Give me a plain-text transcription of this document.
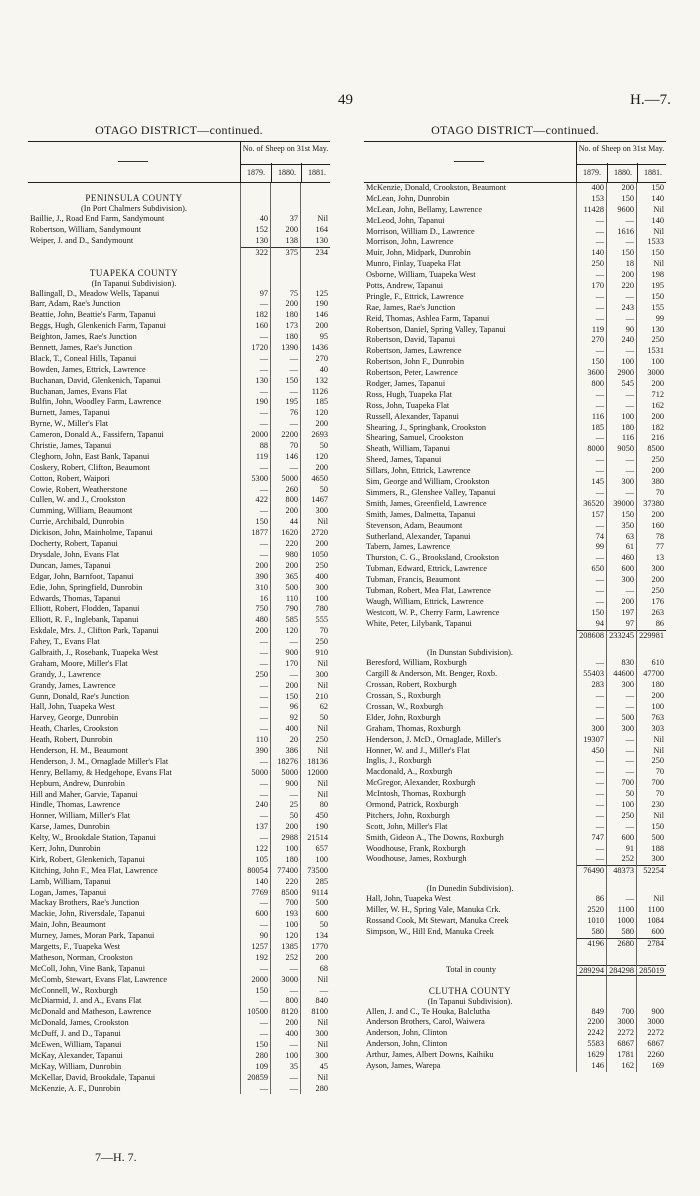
49	H.—7.
OTAGO DISTRICT—continued.
No. of Sheep on 31st May.
1879.	1880.	1881.
PENINSULA COUNTY
(In Port Chalmers Subdivision).
Baillie, J., Road End Farm, Sandymount	40	37	Nil
Robertson, William, Sandymount	152	200	164
Weiper, J. and D., Sandymount	130	138	130
322	375	234
TUAPEKA COUNTY
(In Tapanui Subdivision).
Ballingall, D., Meadow Wells, Tapanui	97	75	125
Barr, Adam, Rae's Junction	—	200	190
Beattie, John, Beattie's Farm, Tapanui	182	180	146
Beggs, Hugh, Glenkenich Farm, Tapanui	160	173	200
Beighton, James, Rae's Junction	—	180	95
Bennett, James, Rae's Junction	1720	1390	1436
Black, T., Coneal Hills, Tapanui	—	—	270
Bowden, James, Ettrick, Lawrence	—	—	40
Buchanan, David, Glenkenich, Tapanui	130	150	132
Buchanan, James, Evans Flat	—	—	1126
Bulfin, John, Woodley Farm, Lawrence	190	195	185
Burnett, James, Tapanui	—	76	120
Byrne, W., Miller's Flat	—	—	200
Cameron, Donald A., Fassifern, Tapanui	2000	2200	2693
Christie, James, Tapanui	88	70	50
Cleghorn, John, East Bank, Tapanui	119	146	120
Coskery, Robert, Clifton, Beaumont	—	—	200
Cotton, Robert, Waipori	5300	5000	4650
Cowie, Robert, Weatherstone	—	260	50
Cullen, W. and J., Crookston	422	800	1467
Cumming, William, Beaumont	—	200	300
Currie, Archibald, Dunrobin	150	44	Nil
Dickison, John, Mainholme, Tapanui	1877	1620	2720
Docherty, Robert, Tapanui	—	220	200
Drysdale, John, Evans Flat	—	980	1050
Duncan, James, Tapanui	200	200	250
Edgar, John, Barnfoot, Tapanui	390	365	400
Edie, John, Springfield, Dunrobin	310	500	300
Edwards, Thomas, Tapanui	16	110	100
Elliott, Robert, Flodden, Tapanui	750	790	780
Elliott, R. F., Inglebank, Tapanui	480	585	555
Eskdale, Mrs. J., Clifton Park, Tapanui	200	120	70
Fahey, T., Evans Flat	—	—	250
Galbraith, J., Rosebank, Tuapeka West	—	900	910
Graham, Moore, Miller's Flat	—	170	Nil
Grandy, J., Lawrence	250	—	300
Grandy, James, Lawrence	—	200	Nil
Gunn, Donald, Rae's Junction	—	150	210
Hall, John, Tuapeka West	—	96	62
Harvey, George, Dunrobin	—	92	50
Heath, Charles, Crookston	—	400	Nil
Heath, Robert, Dunrobin	110	20	250
Henderson, H. M., Beaumont	390	386	Nil
Henderson, J. M., Ornaglade Miller's Flat	—	18276	18136
Henry, Bellamy, & Hedgehope, Evans Flat	5000	5000	12000
Hepburn, Andrew, Dunrobin	—	900	Nil
Hill and Maher, Garvie, Tapanui	—	—	Nil
Hindle, Thomas, Lawrence	240	25	80
Honner, William, Miller's Flat	—	50	450
Karse, James, Dunrobin	137	200	190
Kelty, W., Brookdale Station, Tapanui	—	2988	21514
Kerr, John, Dunrobin	122	100	657
Kirk, Robert, Glenkenich, Tapanui	105	180	100
Kitching, John F., Mea Flat, Lawrence	80054	77400	73500
Lamb, William, Tapanui	140	220	285
Logan, James, Tapanui	7769	8500	9114
Mackay Brothers, Rae's Junction	—	700	500
Mackie, John, Riversdale, Tapanui	600	193	600
Main, John, Beaumont	—	100	50
Murney, James, Moran Park, Tapanui	90	120	134
Margetts, F., Tuapeka West	1257	1385	1770
Matheson, Norman, Crookston	192	252	200
McColl, John, Vine Bank, Tapanui	—	—	68
McComb, Stewart, Evans Flat, Lawrence	2000	3000	Nil
McConnell, W., Roxburgh	150	—	—
McDiarmid, J. and A., Evans Flat	—	800	840
McDonald and Matheson, Lawrence	10500	8120	8100
McDonald, James, Crookston	—	200	Nil
McDuff, J. and D., Tapanui	—	400	300
McEwen, William, Tapanui	150	—	Nil
McKay, Alexander, Tapanui	280	100	300
McKay, William, Dunrobin	109	35	45
McKellar, David, Brookdale, Tapanui	20859	—	Nil
McKenzie, A. F., Dunrobin	—	—	280
OTAGO DISTRICT—continued.
No. of Sheep on 31st May.
1879.	1880.	1881.
McKenzie, Donald, Crookston, Beaumont	400	200	150
McLean, John, Dunrobin	153	150	140
McLean, John, Bellamy, Lawrence	11428	9600	Nil
McLeod, John, Tapanui	—	—	140
Morrison, William D., Lawrence	—	1616	Nil
Morrison, John, Lawrence	—	—	1533
Muir, John, Midpark, Dunrobin	140	150	150
Munro, Finlay, Tuapeka Flat	250	18	Nil
Osborne, William, Tuapeka West	—	200	198
Potts, Andrew, Tapanui	170	220	195
Pringle, F., Ettrick, Lawrence	—	—	150
Rae, James, Rae's Junction	—	243	155
Reid, Thomas, Ashlea Farm, Tapanui	—	—	99
Robertson, Daniel, Spring Valley, Tapanui	119	90	130
Robertson, David, Tapanui	270	240	250
Robertson, James, Lawrence	—	—	1531
Robertson, John F., Dunrobin	150	100	100
Robertson, Peter, Lawrence	3600	2900	3000
Rodger, James, Tapanui	800	545	200
Ross, Hugh, Tuapeka Flat	—	—	712
Ross, John, Tuapeka Flat	—	—	162
Russell, Alexander, Tapanui	116	100	200
Shearing, J., Springbank, Crookston	185	180	182
Shearing, Samuel, Crookston	—	116	216
Sheath, William, Tapanui	8000	9050	8500
Sheed, James, Tapanui	—	—	250
Sillars, John, Ettrick, Lawrence	—	—	200
Sim, George and William, Crookston	145	300	380
Simmers, R., Glenshee Valley, Tapanui	—	—	70
Smith, James, Greenfield, Lawrence	36520	39000	37380
Smith, James, Dalmetta, Tapanui	157	150	200
Stevenson, Adam, Beaumont	—	350	160
Sutherland, Alexander, Tapanui	74	63	78
Tabern, James, Lawrence	99	61	77
Thurston, C. G., Brooksland, Crookston	—	460	13
Tubman, Edward, Ettrick, Lawrence	650	600	300
Tubman, Francis, Beaumont	—	300	200
Tubman, Robert, Mea Flat, Lawrence	—	—	250
Waugh, William, Ettrick, Lawrence	—	200	176
Westcott, W. P., Cherry Farm, Lawrence	150	197	263
White, Peter, Lilybank, Tapanui	94	97	86
208608 233245 229981
(In Dunstan Subdivision).
Beresford, William, Roxburgh	—	830	610
Cargill & Anderson, Mt. Benger, Roxb.	55403	44600	47700
Crossan, Robert, Roxburgh	283	300	180
Crossan, S., Roxburgh	—	—	200
Crossan, W., Roxburgh	—	—	100
Elder, John, Roxburgh	—	500	763
Graham, Thomas, Roxburgh	300	300	303
Henderson, J. McD., Ornaglade, Miller's	19307	—	Nil
Honner, W. and J., Miller's Flat	450	—	Nil
Inglis, J., Roxburgh	—	—	250
Macdonald, A., Roxburgh	—	—	70
McGregor, Alexander, Roxburgh	—	700	700
McIntosh, Thomas, Roxburgh	—	50	70
Ormond, Patrick, Roxburgh	—	100	230
Pitchers, John, Roxburgh	—	250	Nil
Scott, John, Miller's Flat	—	—	150
Smith, Gideon A., The Downs, Roxburgh	747	600	500
Woodhouse, Frank, Roxburgh	—	91	188
Woodhouse, James, Roxburgh	—	252	300
76490	48373	52254
(In Dunedin Subdivision).
Hall, John, Tuapeka West	86	—	Nil
Miller, W. H., Spring Vale, Manuka Crk.	2520	1100	1100
Rossand Cook, Mt Stewart, Manuka Creek	1010	1000	1084
Simpson, W., Hill End, Manuka Creek	580	580	600
4196	2680	2784
Total in county	289294 284298 285019
CLUTHA COUNTY
(In Tapanui Subdivision).
Allen, J. and C., Te Houka, Balclutha	849	700	900
Anderson Brothers, Carol, Waiwera	2200	3000	3000
Anderson, John, Clinton	2242	2272	2272
Anderson, John, Clinton	5583	6867	6867
Arthur, James, Albert Downs, Kaihiku	1629	1781	2260
Ayson, James, Warepa	146	162	169
7—H. 7.
